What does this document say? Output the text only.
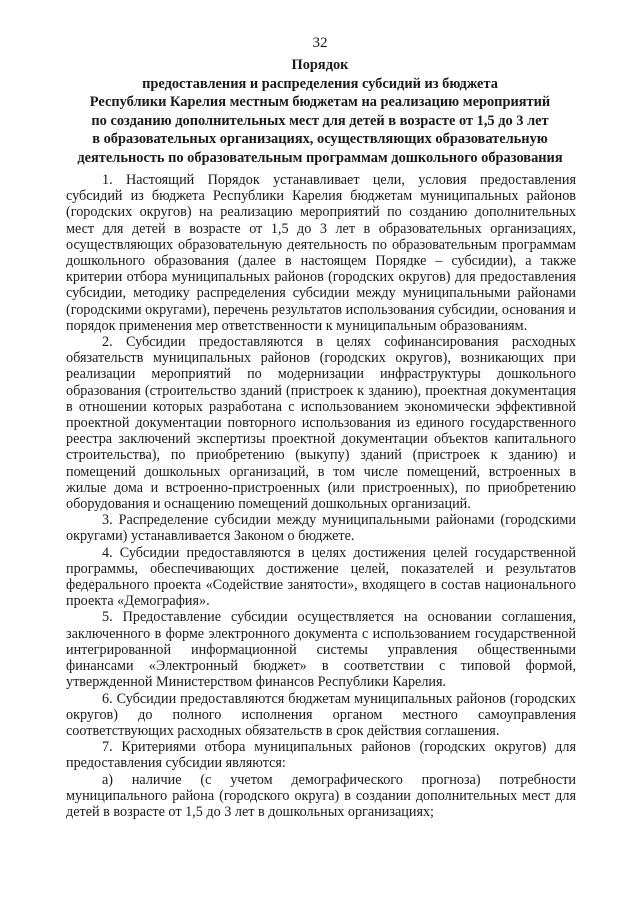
32
Порядок
предоставления и распределения субсидий из бюджета
Республики Карелия местным бюджетам на реализацию мероприятий
по созданию дополнительных мест для детей в возрасте от 1,5 до 3 лет
в образовательных организациях, осуществляющих образовательную
деятельность по образовательным программам дошкольного образования

1. Настоящий Порядок устанавливает цели, условия предоставления субсидий из бюджета Республики Карелия бюджетам муниципальных районов (городских округов) на реализацию мероприятий по созданию дополнительных мест для детей в возрасте от 1,5 до 3 лет в образовательных организациях, осуществляющих образовательную деятельность по образовательным программам дошкольного образования (далее в настоящем Порядке – субсидии), а также критерии отбора муниципальных районов (городских округов) для предоставления субсидии, методику распределения субсидии между муниципальными районами (городскими округами), перечень результатов использования субсидии, основания и порядок применения мер ответственности к муниципальным образованиям.

2. Субсидии предоставляются в целях софинансирования расходных обязательств муниципальных районов (городских округов), возникающих при реализации мероприятий по модернизации инфраструктуры дошкольного образования (строительство зданий (пристроек к зданию), проектная документация в отношении которых разработана с использованием экономически эффективной проектной документации повторного использования из единого государственного реестра заключений экспертизы проектной документации объектов капитального строительства), по приобретению (выкупу) зданий (пристроек к зданию) и помещений дошкольных организаций, в том числе помещений, встроенных в жилые дома и встроенно-пристроенных (или пристроенных), по приобретению оборудования и оснащению помещений дошкольных организаций.

3. Распределение субсидии между муниципальными районами (городскими округами) устанавливается Законом о бюджете.

4. Субсидии предоставляются в целях достижения целей государственной программы, обеспечивающих достижение целей, показателей и результатов федерального проекта «Содействие занятости», входящего в состав национального проекта «Демография».

5. Предоставление субсидии осуществляется на основании соглашения, заключенного в форме электронного документа с использованием государственной интегрированной информационной системы управления общественными финансами «Электронный бюджет» в соответствии с типовой формой, утвержденной Министерством финансов Республики Карелия.

6. Субсидии предоставляются бюджетам муниципальных районов (городских округов) до полного исполнения органом местного самоуправления соответствующих расходных обязательств в срок действия соглашения.

7. Критериями отбора муниципальных районов (городских округов) для предоставления субсидии являются:

а) наличие (с учетом демографического прогноза) потребности муниципального района (городского округа) в создании дополнительных мест для детей в возрасте от 1,5 до 3 лет в дошкольных организациях;
